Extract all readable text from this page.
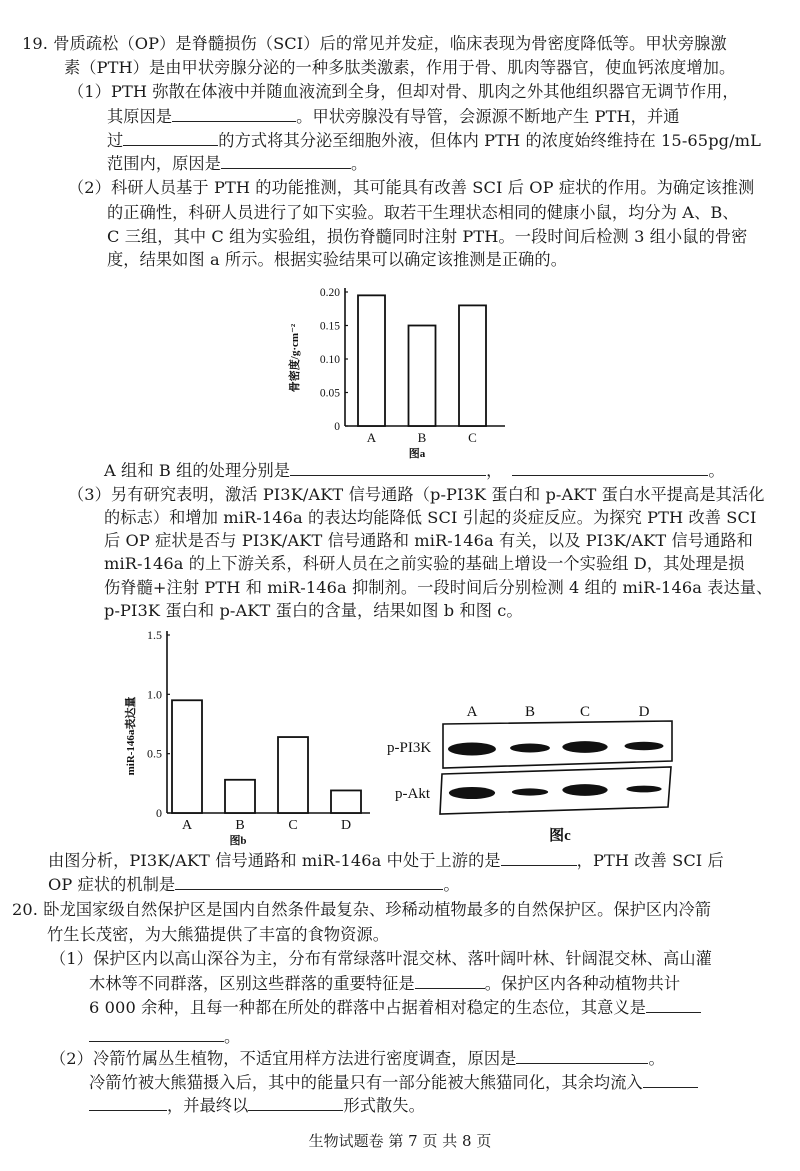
19. 骨质疏松（OP）是脊髓损伤（SCI）后的常见并发症，临床表现为骨密度降低等。甲状旁腺激
素（PTH）是由甲状旁腺分泌的一种多肽类激素，作用于骨、肌肉等器官，使血钙浓度增加。
（1）PTH 弥散在体液中并随血液流到全身，但却对骨、肌肉之外其他组织器官无调节作用，
其原因是	。甲状旁腺没有导管，会源源不断地产生 PTH，并通
过	的方式将其分泌至细胞外液，但体内 PTH 的浓度始终维持在 15-65pg/mL
范围内，原因是	。
（2）科研人员基于 PTH 的功能推测，其可能具有改善 SCI 后 OP 症状的作用。为确定该推测
的正确性，科研人员进行了如下实验。取若干生理状态相同的健康小鼠，均分为 A、B、
C 三组，其中 C 组为实验组，损伤脊髓同时注射 PTH。一段时间后检测 3 组小鼠的骨密
度，结果如图 a 所示。根据实验结果可以确定该推测是正确的。
0
0.05
0.10
0.15
0.20
A	B	C
骨密度/g·cm⁻²
图a
A 组和 B 组的处理分别是	，	。
（3）另有研究表明，激活 PI3K/AKT 信号通路（p-PI3K 蛋白和 p-AKT 蛋白水平提高是其活化
的标志）和增加 miR-146a 的表达均能降低 SCI 引起的炎症反应。为探究 PTH 改善 SCI
后 OP 症状是否与 PI3K/AKT 信号通路和 miR-146a 有关，以及 PI3K/AKT 信号通路和
miR-146a 的上下游关系，科研人员在之前实验的基础上增设一个实验组 D，其处理是损
伤脊髓+注射 PTH 和 miR-146a 抑制剂。一段时间后分别检测 4 组的 miR-146a 表达量、
p-PI3K 蛋白和 p-AKT 蛋白的含量，结果如图 b 和图 c。
0
0.5
1.0
1.5
A	B	C	D
miR-146a表达量
图b
A	B	C	D
p-PI3K
p-Akt
图c
由图分析，PI3K/AKT 信号通路和 miR-146a 中处于上游的是	，PTH 改善 SCI 后
OP 症状的机制是	。
20. 卧龙国家级自然保护区是国内自然条件最复杂、珍稀动植物最多的自然保护区。保护区内冷箭
竹生长茂密，为大熊猫提供了丰富的食物资源。
（1）保护区内以高山深谷为主，分布有常绿落叶混交林、落叶阔叶林、针阔混交林、高山灌
木林等不同群落，区别这些群落的重要特征是	。保护区内各种动植物共计
6 000 余种，且每一种都在所处的群落中占据着相对稳定的生态位，其意义是
。
（2）冷箭竹属丛生植物，不适宜用样方法进行密度调查，原因是	。
冷箭竹被大熊猫摄入后，其中的能量只有一部分能被大熊猫同化，其余均流入
，并最终以	形式散失。
生物试题卷 第 7 页 共 8 页
